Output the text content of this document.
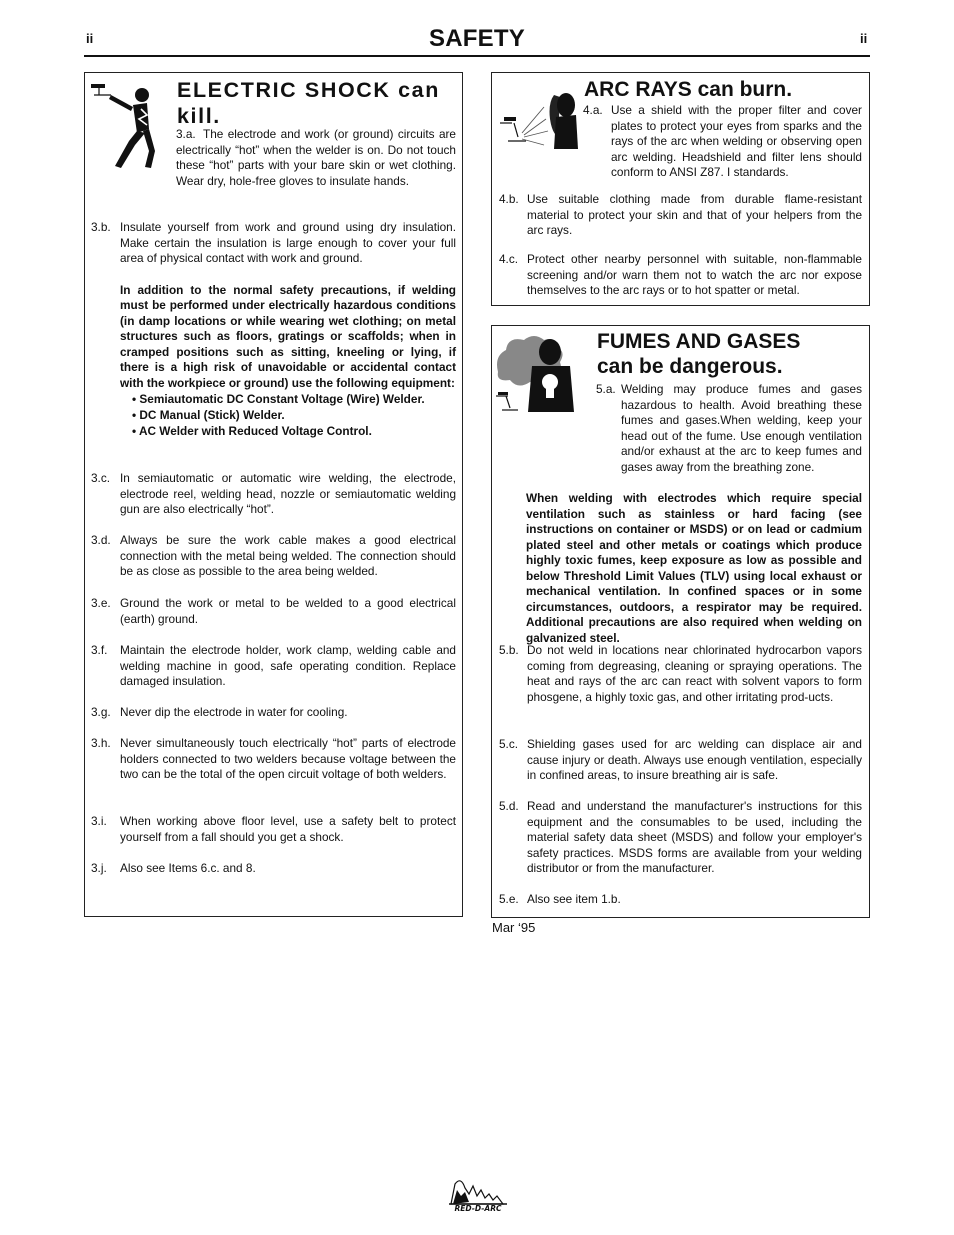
ii	SAFETY	ii
ELECTRIC SHOCK can kill.
3.a. The electrode and work (or ground) circuits are electrically “hot” when the welder is on. Do not touch these “hot” parts with your bare skin or wet clothing. Wear dry, hole-free gloves to insulate hands.

3.b. Insulate yourself from work and ground using dry insulation. Make certain the insulation is large enough to cover your full area of physical contact with work and ground.

In addition to the normal safety precautions, if welding must be performed under electrically hazardous conditions (in damp locations or while wearing wet clothing; on metal structures such as floors, gratings or scaffolds; when in cramped positions such as sitting, kneeling or lying, if there is a high risk of unavoidable or accidental contact with the workpiece or ground) use the following equipment:

• Semiautomatic DC Constant Voltage (Wire) Welder.
• DC Manual (Stick) Welder.
• AC Welder with Reduced Voltage Control.
3.c. In semiautomatic or automatic wire welding, the electrode, electrode reel, welding head, nozzle or semiautomatic welding gun are also electrically “hot”.

3.d. Always be sure the work cable makes a good electrical connection with the metal being welded. The connection should be as close as possible to the area being welded.

3.e. Ground the work or metal to be welded to a good electrical (earth) ground.

3.f. Maintain the electrode holder, work clamp, welding cable and welding machine in good, safe operating condition. Replace damaged insulation.

3.g. Never dip the electrode in water for cooling.

3.h. Never simultaneously touch electrically “hot” parts of electrode holders connected to two welders because voltage between the two can be the total of the open circuit voltage of both welders.

3.i. When working above floor level, use a safety belt to protect yourself from a fall should you get a shock.

3.j. Also see Items 6.c. and 8.

ARC RAYS can burn.
4.a. Use a shield with the proper filter and cover plates to protect your eyes from sparks and the rays of the arc when welding or observing open arc welding. Headshield and filter lens should conform to ANSI Z87. I standards.

4.b. Use suitable clothing made from durable flame-resistant material to protect your skin and that of your helpers from the arc rays.

4.c. Protect other nearby personnel with suitable, non-flammable screening and/or warn them not to watch the arc nor expose themselves to the arc rays or to hot spatter or metal.

FUMES AND GASES
can be dangerous.
5.a. Welding may produce fumes and gases hazardous to health. Avoid breathing these fumes and gases.When welding, keep your head out of the fume. Use enough ventilation and/or exhaust at the arc to keep fumes and gases away from the breathing zone.

When welding with electrodes which require special ventilation such as stainless or hard facing (see instructions on container or MSDS) or on lead or cadmium plated steel and other metals or coatings which produce highly toxic fumes, keep exposure as low as possible and below Threshold Limit Values (TLV) using local exhaust or mechanical ventilation. In confined spaces or in some circumstances, outdoors, a respirator may be required. Additional precautions are also required when welding on galvanized steel.

5.b. Do not weld in locations near chlorinated hydrocarbon vapors coming from degreasing, cleaning or spraying operations. The heat and rays of the arc can react with solvent vapors to form phosgene, a highly toxic gas, and other irritating prod-ucts.

5.c. Shielding gases used for arc welding can displace air and cause injury or death. Always use enough ventilation, especially in confined areas, to insure breathing air is safe.

5.d. Read and understand the manufacturer's instructions for this equipment and the consumables to be used, including the material safety data sheet (MSDS) and follow your employer's safety practices. MSDS forms are available from your welding distributor or from the manufacturer.

5.e. Also see item 1.b.

Mar ‘95
RED-D-ARC
